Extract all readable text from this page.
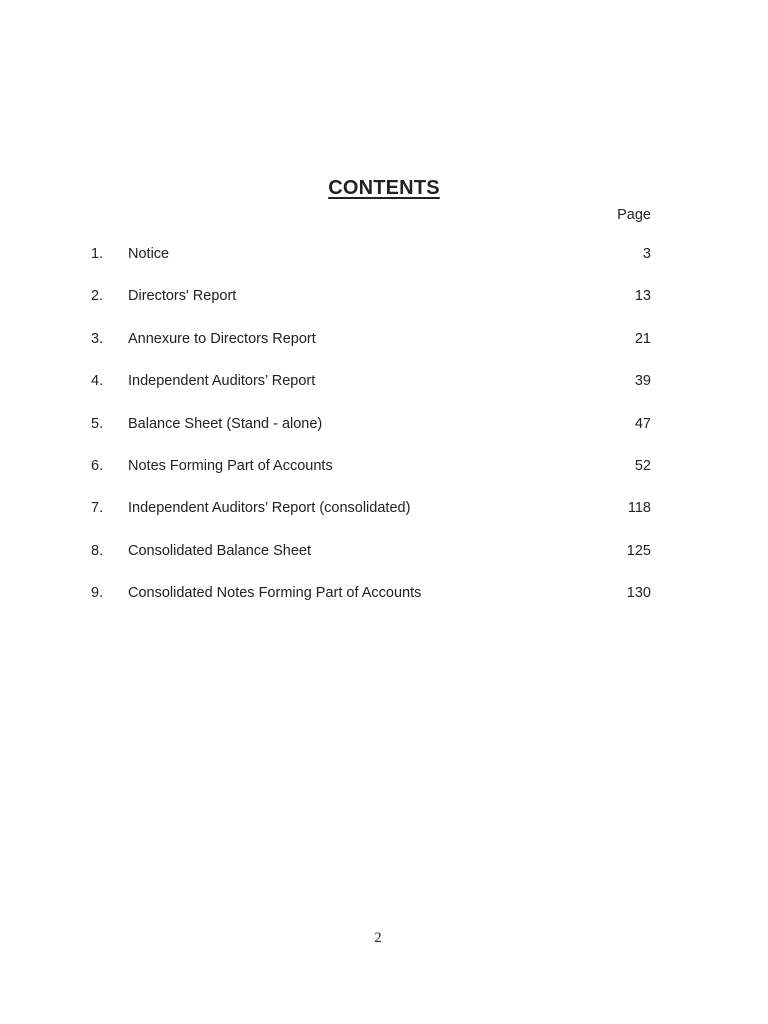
CONTENTS
Page
1. Notice	3
2. Directors' Report	13
3. Annexure to Directors Report	21
4. Independent Auditors’ Report	39
5. Balance Sheet (Stand - alone)	47
6. Notes Forming Part of Accounts	52
7. Independent Auditors’ Report (consolidated)	118
8. Consolidated Balance Sheet	125
9. Consolidated Notes Forming Part of Accounts	130
2
